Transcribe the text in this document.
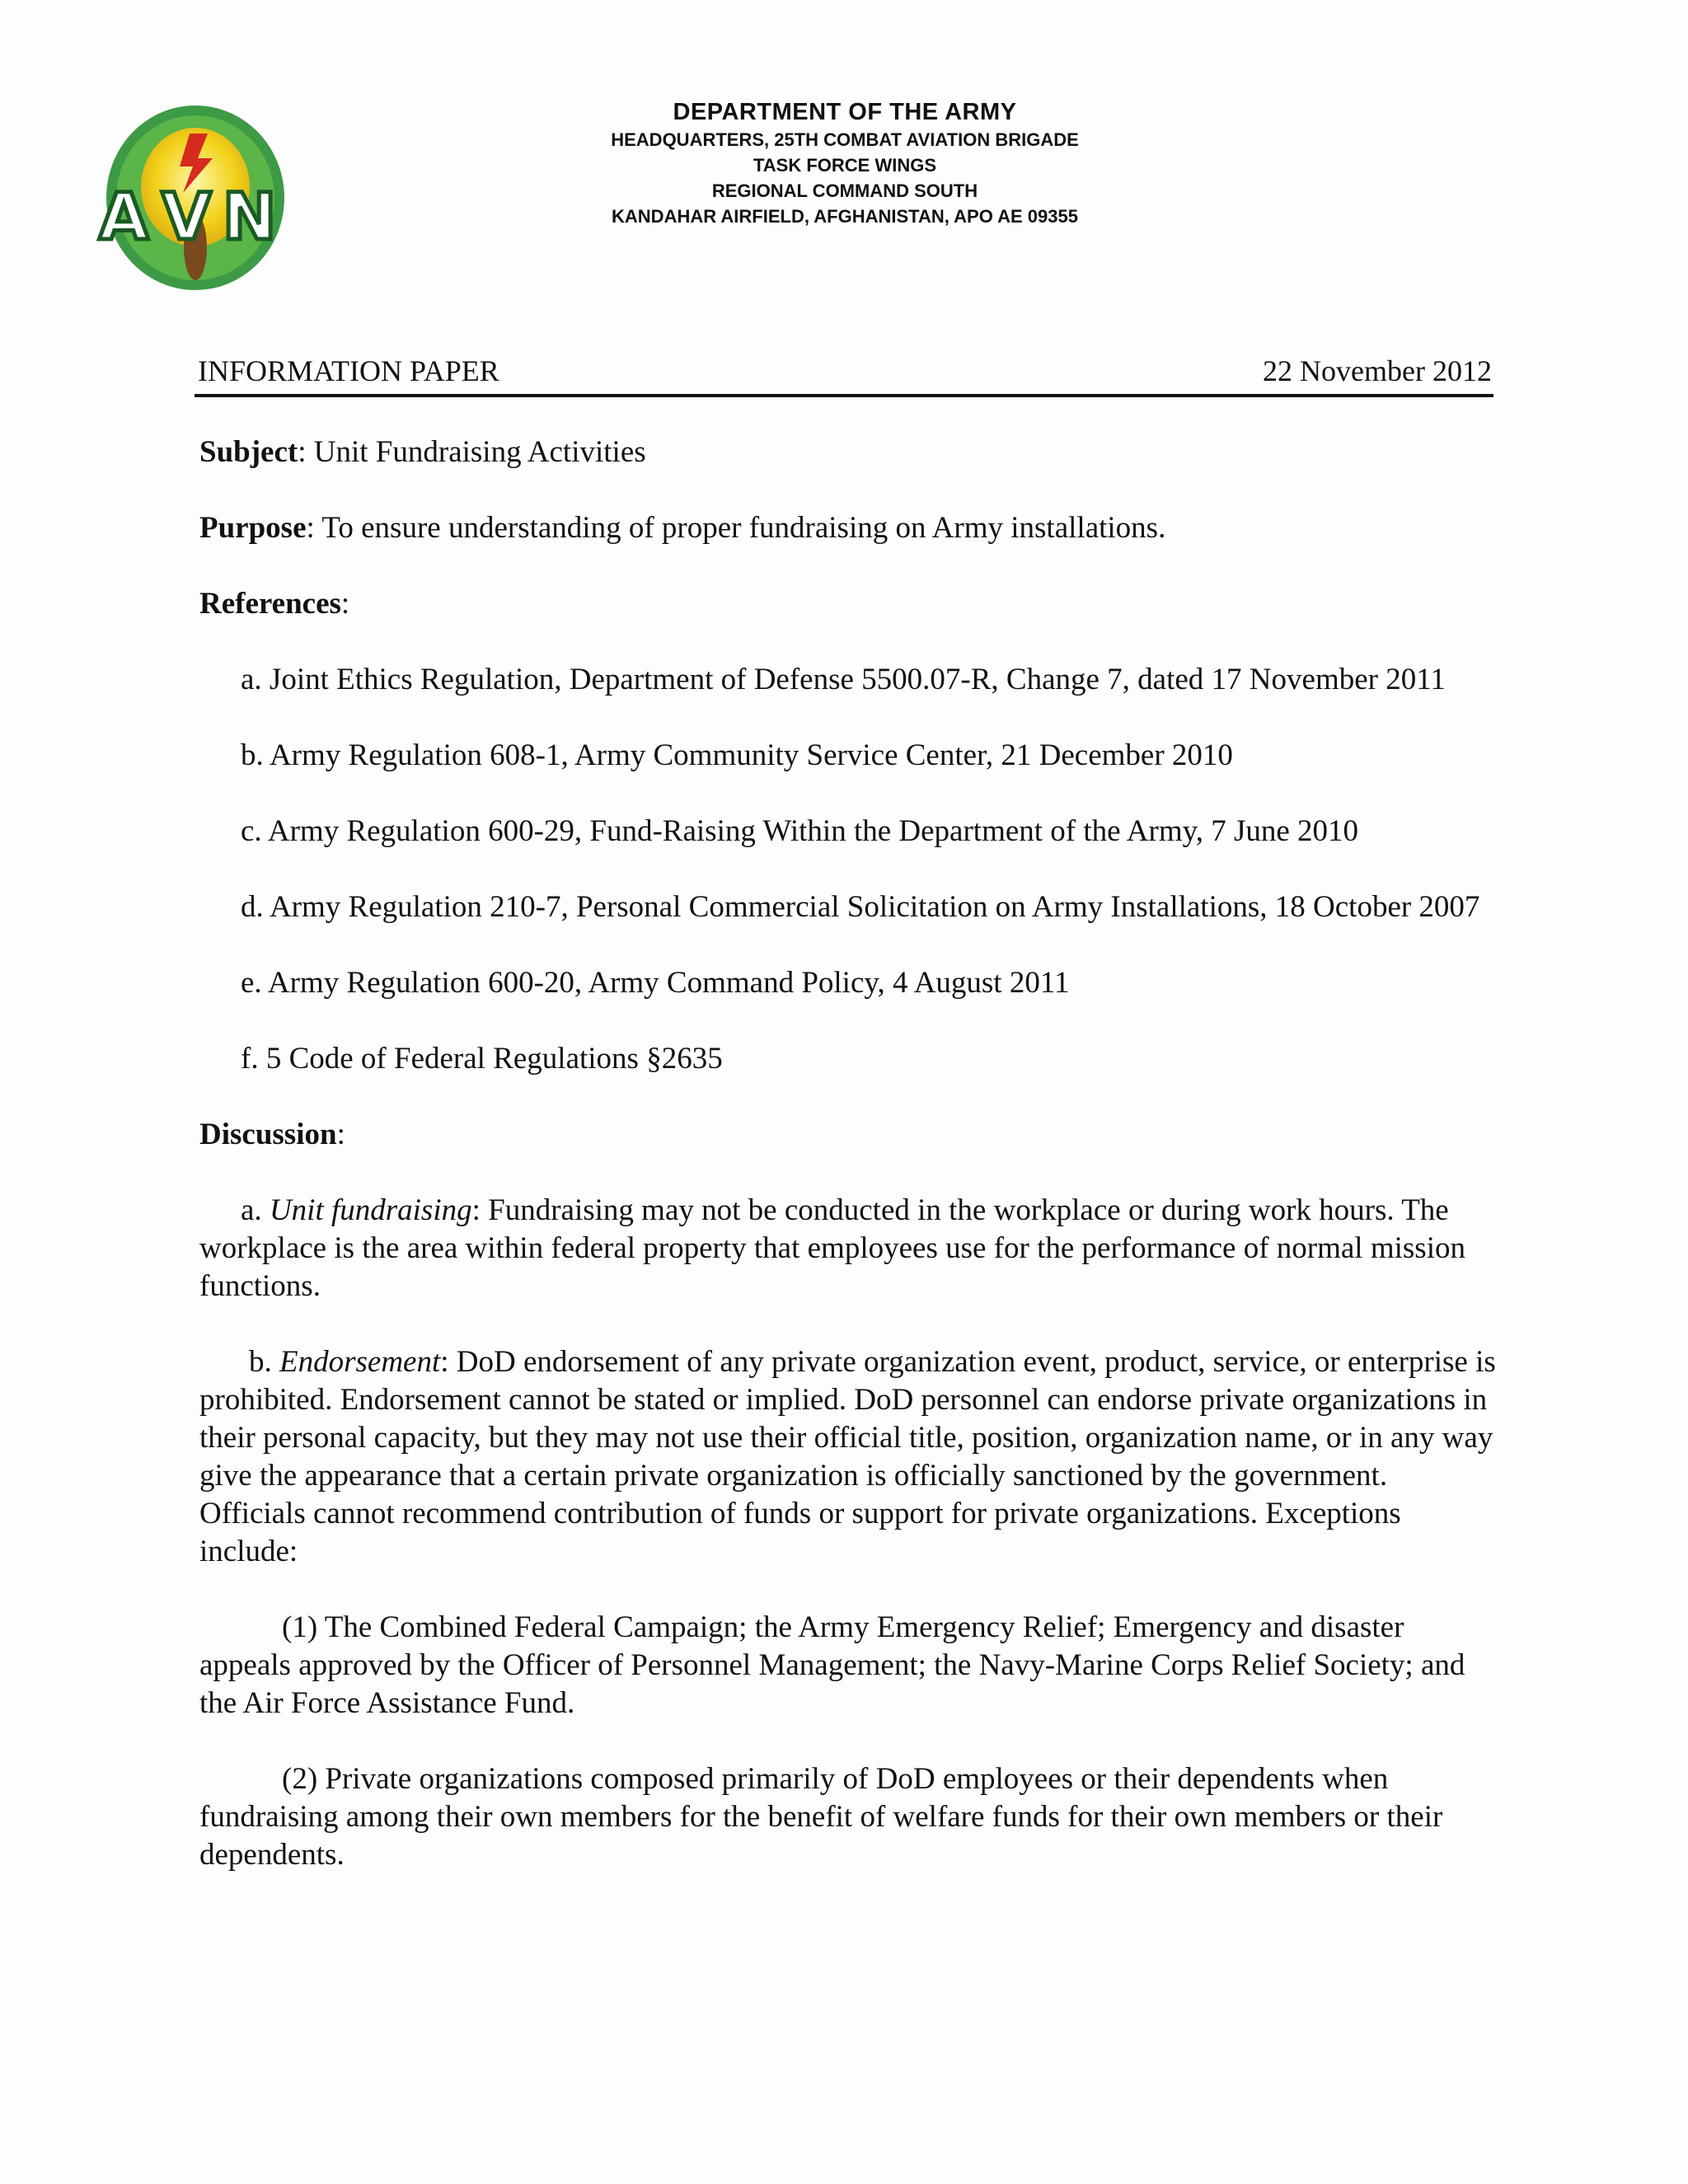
A V N
DEPARTMENT OF THE ARMY
HEADQUARTERS, 25TH COMBAT AVIATION BRIGADE
TASK FORCE WINGS
REGIONAL COMMAND SOUTH
KANDAHAR AIRFIELD, AFGHANISTAN, APO AE 09355
INFORMATION PAPER	22 November 2012

Subject: Unit Fundraising Activities

Purpose: To ensure understanding of proper fundraising on Army installations.

References:

a. Joint Ethics Regulation, Department of Defense 5500.07-R, Change 7, dated 17 November 2011

b. Army Regulation 608-1, Army Community Service Center, 21 December 2010

c. Army Regulation 600-29, Fund-Raising Within the Department of the Army, 7 June 2010

d. Army Regulation 210-7, Personal Commercial Solicitation on Army Installations, 18 October 2007

e. Army Regulation 600-20, Army Command Policy, 4 August 2011

f. 5 Code of Federal Regulations §2635

Discussion:

a. Unit fundraising: Fundraising may not be conducted in the workplace or during work hours. The workplace is the area within federal property that employees use for the performance of normal mission functions.

b. Endorsement: DoD endorsement of any private organization event, product, service, or enterprise is prohibited. Endorsement cannot be stated or implied. DoD personnel can endorse private organizations in their personal capacity, but they may not use their official title, position, organization name, or in any way give the appearance that a certain private organization is officially sanctioned by the government. Officials cannot recommend contribution of funds or support for private organizations. Exceptions include:

(1) The Combined Federal Campaign; the Army Emergency Relief; Emergency and disaster appeals approved by the Officer of Personnel Management; the Navy-Marine Corps Relief Society; and the Air Force Assistance Fund.

(2) Private organizations composed primarily of DoD employees or their dependents when fundraising among their own members for the benefit of welfare funds for their own members or their dependents.
